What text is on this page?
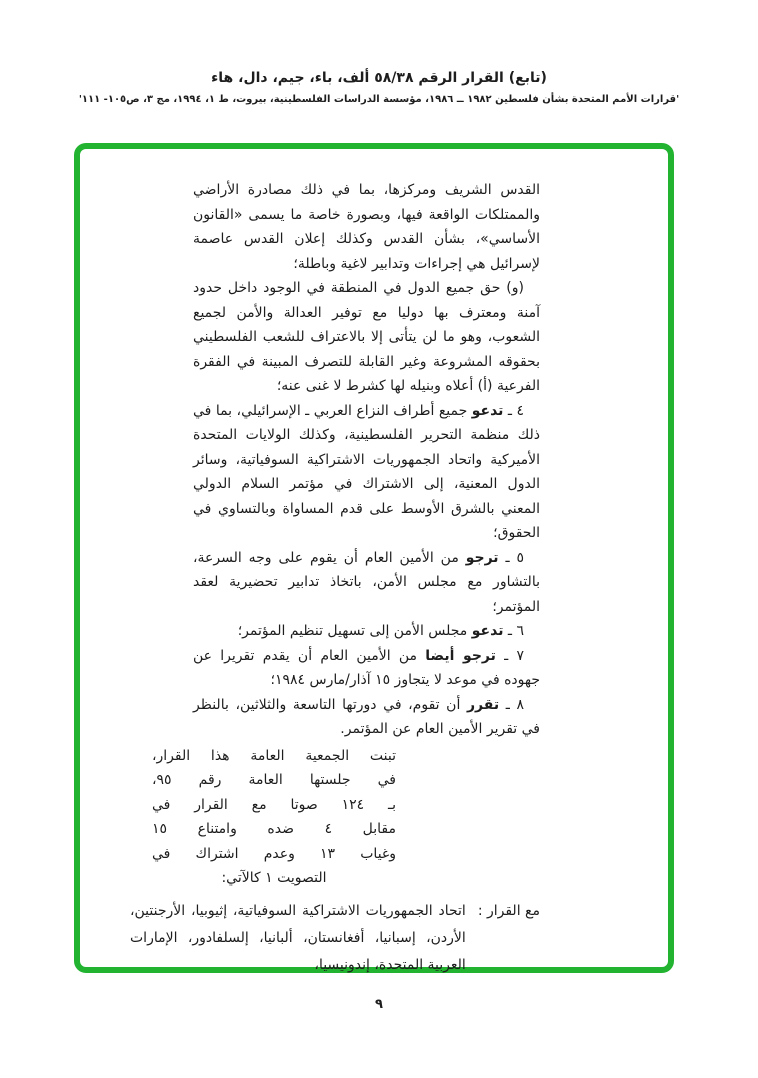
(تابع) القرار الرقم ٥٨/٣٨ ألف، باء، جيم، دال، هاء
'قرارات الأمم المتحدة بشأن فلسطين ١٩٨٢ ــ ١٩٨٦، مؤسسة الدراسات الفلسطينية، بيروت، ط ١، ١٩٩٤، مج ٣، ص١٠٥- ١١١'

القدس الشريف ومركزها، بما في ذلك مصادرة الأراضي والممتلكات الواقعة فيها، وبصورة خاصة ما يسمى «القانون الأساسي»، بشأن القدس وكذلك إعلان القدس عاصمة لإسرائيل هي إجراءات وتدابير لاغية وباطلة؛

(و) حق جميع الدول في المنطقة في الوجود داخل حدود آمنة ومعترف بها دوليا مع توفير العدالة والأمن لجميع الشعوب، وهو ما لن يتأتى إلا بالاعتراف للشعب الفلسطيني بحقوقه المشروعة وغير القابلة للتصرف المبينة في الفقرة الفرعية (أ) أعلاه وبنيله لها كشرط لا غنى عنه؛

٤ ـ تدعو جميع أطراف النزاع العربي ـ الإسرائيلي، بما في ذلك منظمة التحرير الفلسطينية، وكذلك الولايات المتحدة الأميركية واتحاد الجمهوريات الاشتراكية السوفياتية، وسائر الدول المعنية، إلى الاشتراك في مؤتمر السلام الدولي المعني بالشرق الأوسط على قدم المساواة وبالتساوي في الحقوق؛

٥ ـ ترجو من الأمين العام أن يقوم على وجه السرعة، بالتشاور مع مجلس الأمن، باتخاذ تدابير تحضيرية لعقد المؤتمر؛

٦ ـ تدعو مجلس الأمن إلى تسهيل تنظيم المؤتمر؛

٧ ـ ترجو أيضا من الأمين العام أن يقدم تقريرا عن جهوده في موعد لا يتجاوز ١٥ آذار/مارس ١٩٨٤؛

٨ ـ تقرر أن تقوم، في دورتها التاسعة والثلاثين، بالنظر في تقرير الأمين العام عن المؤتمر.

تبنت الجمعية العامة هذا القرار،
في جلستها العامة رقم ٩٥،
بـ ١٢٤ صوتا مع القرار في
مقابل ٤ ضده وامتناع ١٥
وغياب ١٣ وعدم اشتراك في
التصويت ١ كالآتي:
مع القرار :
اتحاد الجمهوريات الاشتراكية السوفياتية، إثيوبيا، الأرجنتين، الأردن، إسبانيا، أفغانستان، ألبانيا، إلسلفادور، الإمارات العربية المتحدة، إندونيسيا،
٩
